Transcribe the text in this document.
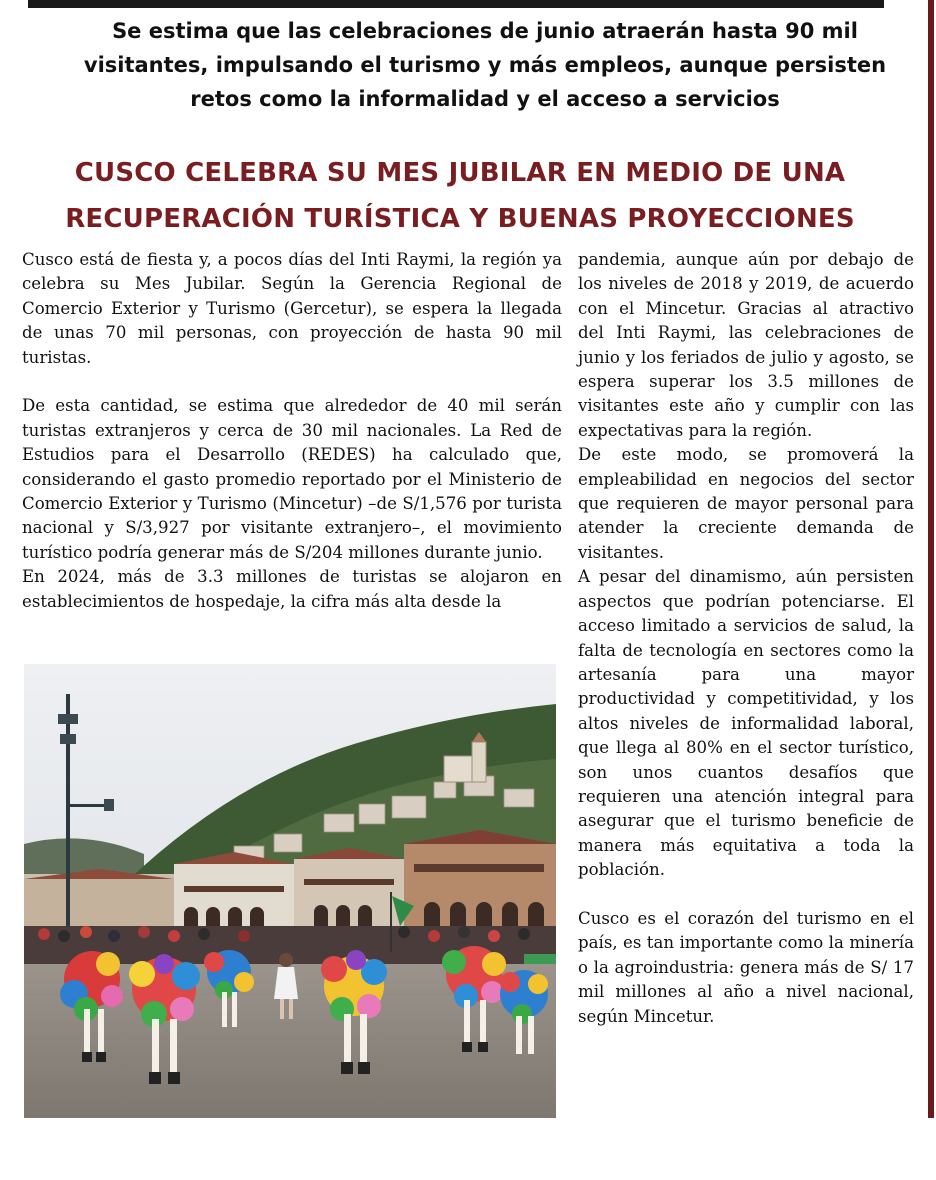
Se estima que las celebraciones de junio atraerán hasta 90 mil visitantes, impulsando el turismo y más empleos, aunque persisten retos como la informalidad y el acceso a servicios

CUSCO CELEBRA SU MES JUBILAR EN MEDIO DE UNA RECUPERACIÓN TURÍSTICA Y BUENAS PROYECCIONES

Cusco está de fiesta y, a pocos días del Inti Raymi, la región ya celebra su Mes Jubilar. Según la Gerencia Regional de Comercio Exterior y Turismo (Gercetur), se espera la llegada de unas 70 mil personas, con proyección de hasta 90 mil turistas.

De esta cantidad, se estima que alrededor de 40 mil serán turistas extranjeros y cerca de 30 mil nacionales. La Red de Estudios para el Desarrollo (REDES) ha calculado que, considerando el gasto promedio reportado por el Ministerio de Comercio Exterior y Turismo (Mincetur) –de S/1,576 por turista nacional y S/3,927 por visitante extranjero–, el movimiento turístico podría generar más de S/204 millones durante junio.

En 2024, más de 3.3 millones de turistas se alojaron en establecimientos de hospedaje, la cifra más alta desde la

pandemia, aunque aún por debajo de los niveles de 2018 y 2019, de acuerdo con el Mincetur. Gracias al atractivo del Inti Raymi, las celebraciones de junio y los feriados de julio y agosto, se espera superar los 3.5 millones de visitantes este año y cumplir con las expectativas para la región.

De este modo, se promoverá la empleabilidad en negocios del sector que requieren de mayor personal para atender la creciente demanda de visitantes.

A pesar del dinamismo, aún persisten aspectos que podrían potenciarse. El acceso limitado a servicios de salud, la falta de tecnología en sectores como la artesanía para una mayor productividad y competitividad, y los altos niveles de informalidad laboral, que llega al 80% en el sector turístico, son unos cuantos desafíos que requieren una atención integral para asegurar que el turismo beneficie de manera más equitativa a toda la población.

Cusco es el corazón del turismo en el país, es tan importante como la minería o la agroindustria: genera más de S/ 17 mil millones al año a nivel nacional, según Mincetur.
